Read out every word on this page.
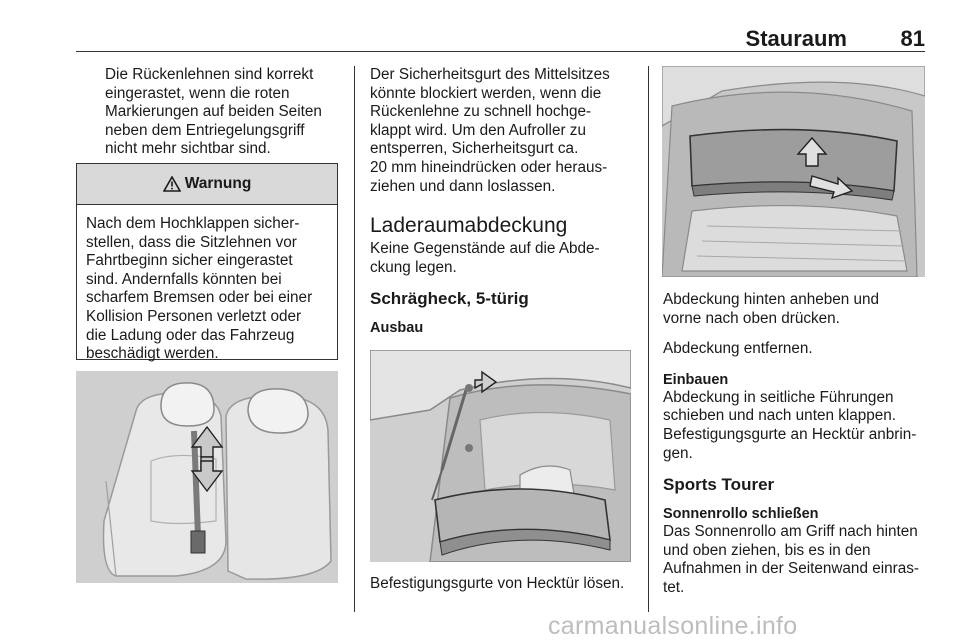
Stauraum 81

Die Rückenlehnen sind korrekt

eingerastet, wenn die roten

Markierungen auf beiden Seiten

neben dem Entriegelungsgriff

nicht mehr sichtbar sind.

Warnung
Nach dem Hochklappen sicher-
stellen, dass die Sitzlehnen vor
Fahrtbeginn sicher eingerastet
sind. Andernfalls könnten bei
scharfem Bremsen oder bei einer
Kollision Personen verletzt oder
die Ladung oder das Fahrzeug
beschädigt werden.

Der Sicherheitsgurt des Mittelsitzes

könnte blockiert werden, wenn die

Rückenlehne zu schnell hochge-

klappt wird. Um den Aufroller zu

entsperren, Sicherheitsgurt ca.

20 mm hineindrücken oder heraus-

ziehen und dann loslassen.

Laderaumabdeckung

Keine Gegenstände auf die Abde-

ckung legen.

Schrägheck, 5-türig
Ausbau

Befestigungsgurte von Hecktür lösen.

Abdeckung hinten anheben und

vorne nach oben drücken.

Abdeckung entfernen.

Einbauen

Abdeckung in seitliche Führungen

schieben und nach unten klappen.

Befestigungsgurte an Hecktür anbrin-

gen.

Sports Tourer
Sonnenrollo schließen

Das Sonnenrollo am Griff nach hinten

und oben ziehen, bis es in den

Aufnahmen in der Seitenwand einras-

tet.

carmanualsonline.info
